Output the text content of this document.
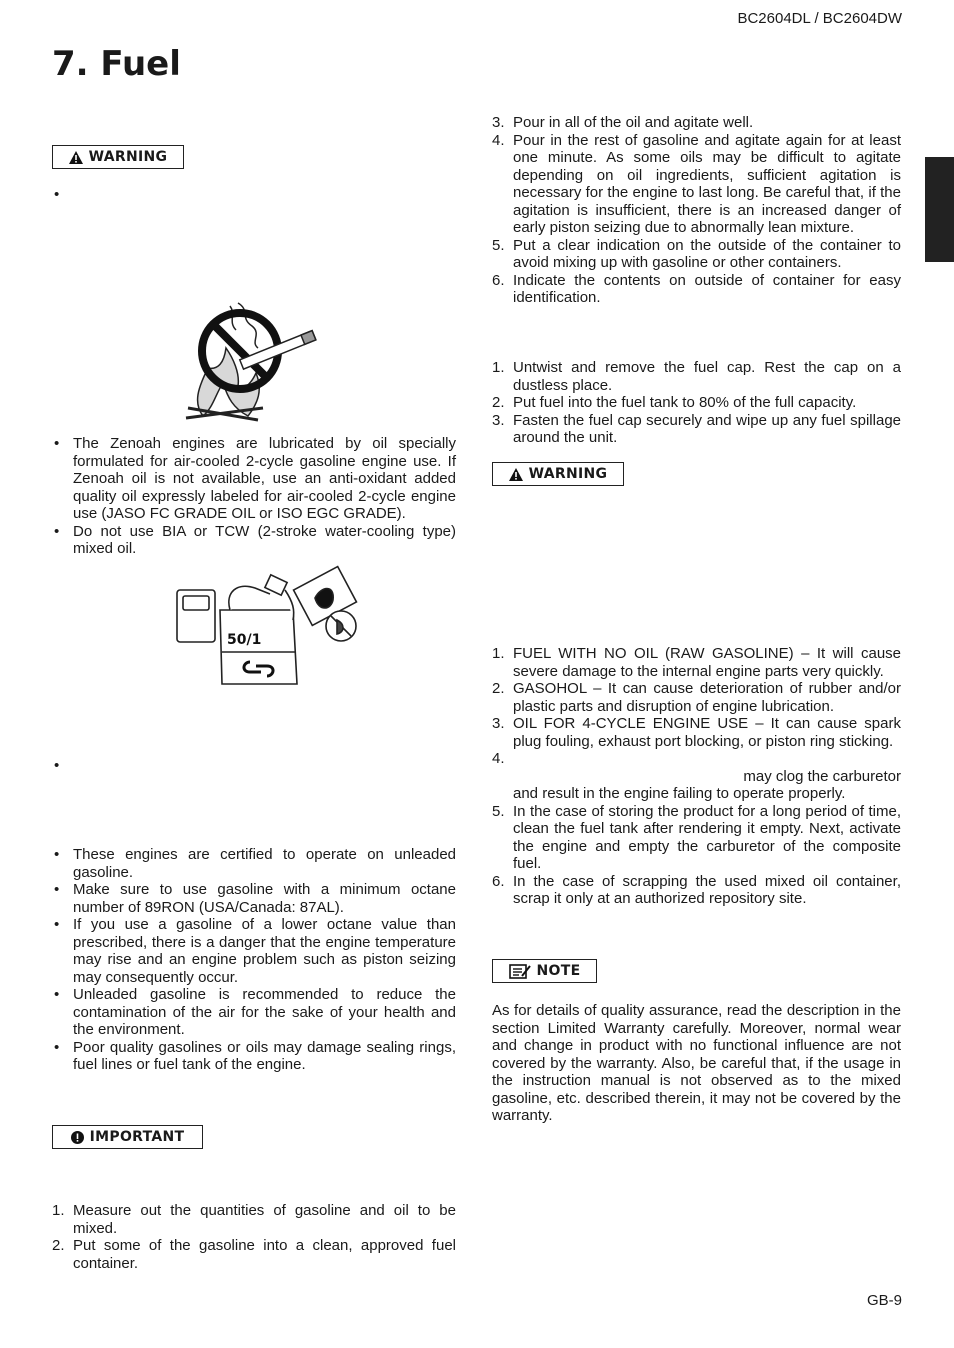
BC2604DL / BC2604DW
7. Fuel
WARNING
•
• The Zenoah engines are lubricated by oil specially formulated for air-cooled 2-cycle gasoline engine use. If Zenoah oil is not available, use an anti-oxidant added quality oil expressly labeled for air-cooled 2-cycle engine use (JASO FC GRADE OIL or ISO EGC GRADE).
• Do not use BIA or TCW (2-stroke water-cooling type) mixed oil.
50/1
•
• These engines are certified to operate on unleaded gasoline.
• Make sure to use gasoline with a minimum octane number of 89RON (USA/Canada: 87AL).
• If you use a gasoline of a lower octane value than prescribed, there is a danger that the engine temperature may rise and an engine problem such as piston seizing may consequently occur.
• Unleaded gasoline is recommended to reduce the contamination of the air for the sake of your health and the environment.
• Poor quality gasolines or oils may damage sealing rings, fuel lines or fuel tank of the engine.
IMPORTANT
1. Measure out the quantities of gasoline and oil to be mixed.
2. Put some of the gasoline into a clean, approved fuel container.
3. Pour in all of the oil and agitate well.
4. Pour in the rest of gasoline and agitate again for at least one minute. As some oils may be difficult to agitate depending on oil ingredients, sufficient agitation is necessary for the engine to last long. Be careful that, if the agitation is insufficient, there is an increased danger of early piston seizing due to abnormally lean mixture.
5. Put a clear indication on the outside of the container to avoid mixing up with gasoline or other containers.
6. Indicate the contents on outside of container for easy identification.
1. Untwist and remove the fuel cap. Rest the cap on a dustless place.
2. Put fuel into the fuel tank to 80% of the full capacity.
3. Fasten the fuel cap securely and wipe up any fuel spillage around the unit.
WARNING
1. FUEL WITH NO OIL (RAW GASOLINE) – It will cause severe damage to the internal engine parts very quickly.
2. GASOHOL – It can cause deterioration of rubber and/or plastic parts and disruption of engine lubrication.
3. OIL FOR 4-CYCLE ENGINE USE – It can cause spark plug fouling, exhaust port blocking, or piston ring sticking.
4.
may clog the carburetor
and result in the engine failing to operate properly.
5. In the case of storing the product for a long period of time, clean the fuel tank after rendering it empty. Next, activate the engine and empty the carburetor of the composite fuel.
6. In the case of scrapping the used mixed oil container, scrap it only at an authorized repository site.
NOTE

As for details of quality assurance, read the description in the section Limited Warranty carefully. Moreover, normal wear and change in product with no functional influence are not covered by the warranty. Also, be careful that, if the usage in the instruction manual is not observed as to the mixed gasoline, etc. described therein, it may not be covered by the warranty.

GB-9
